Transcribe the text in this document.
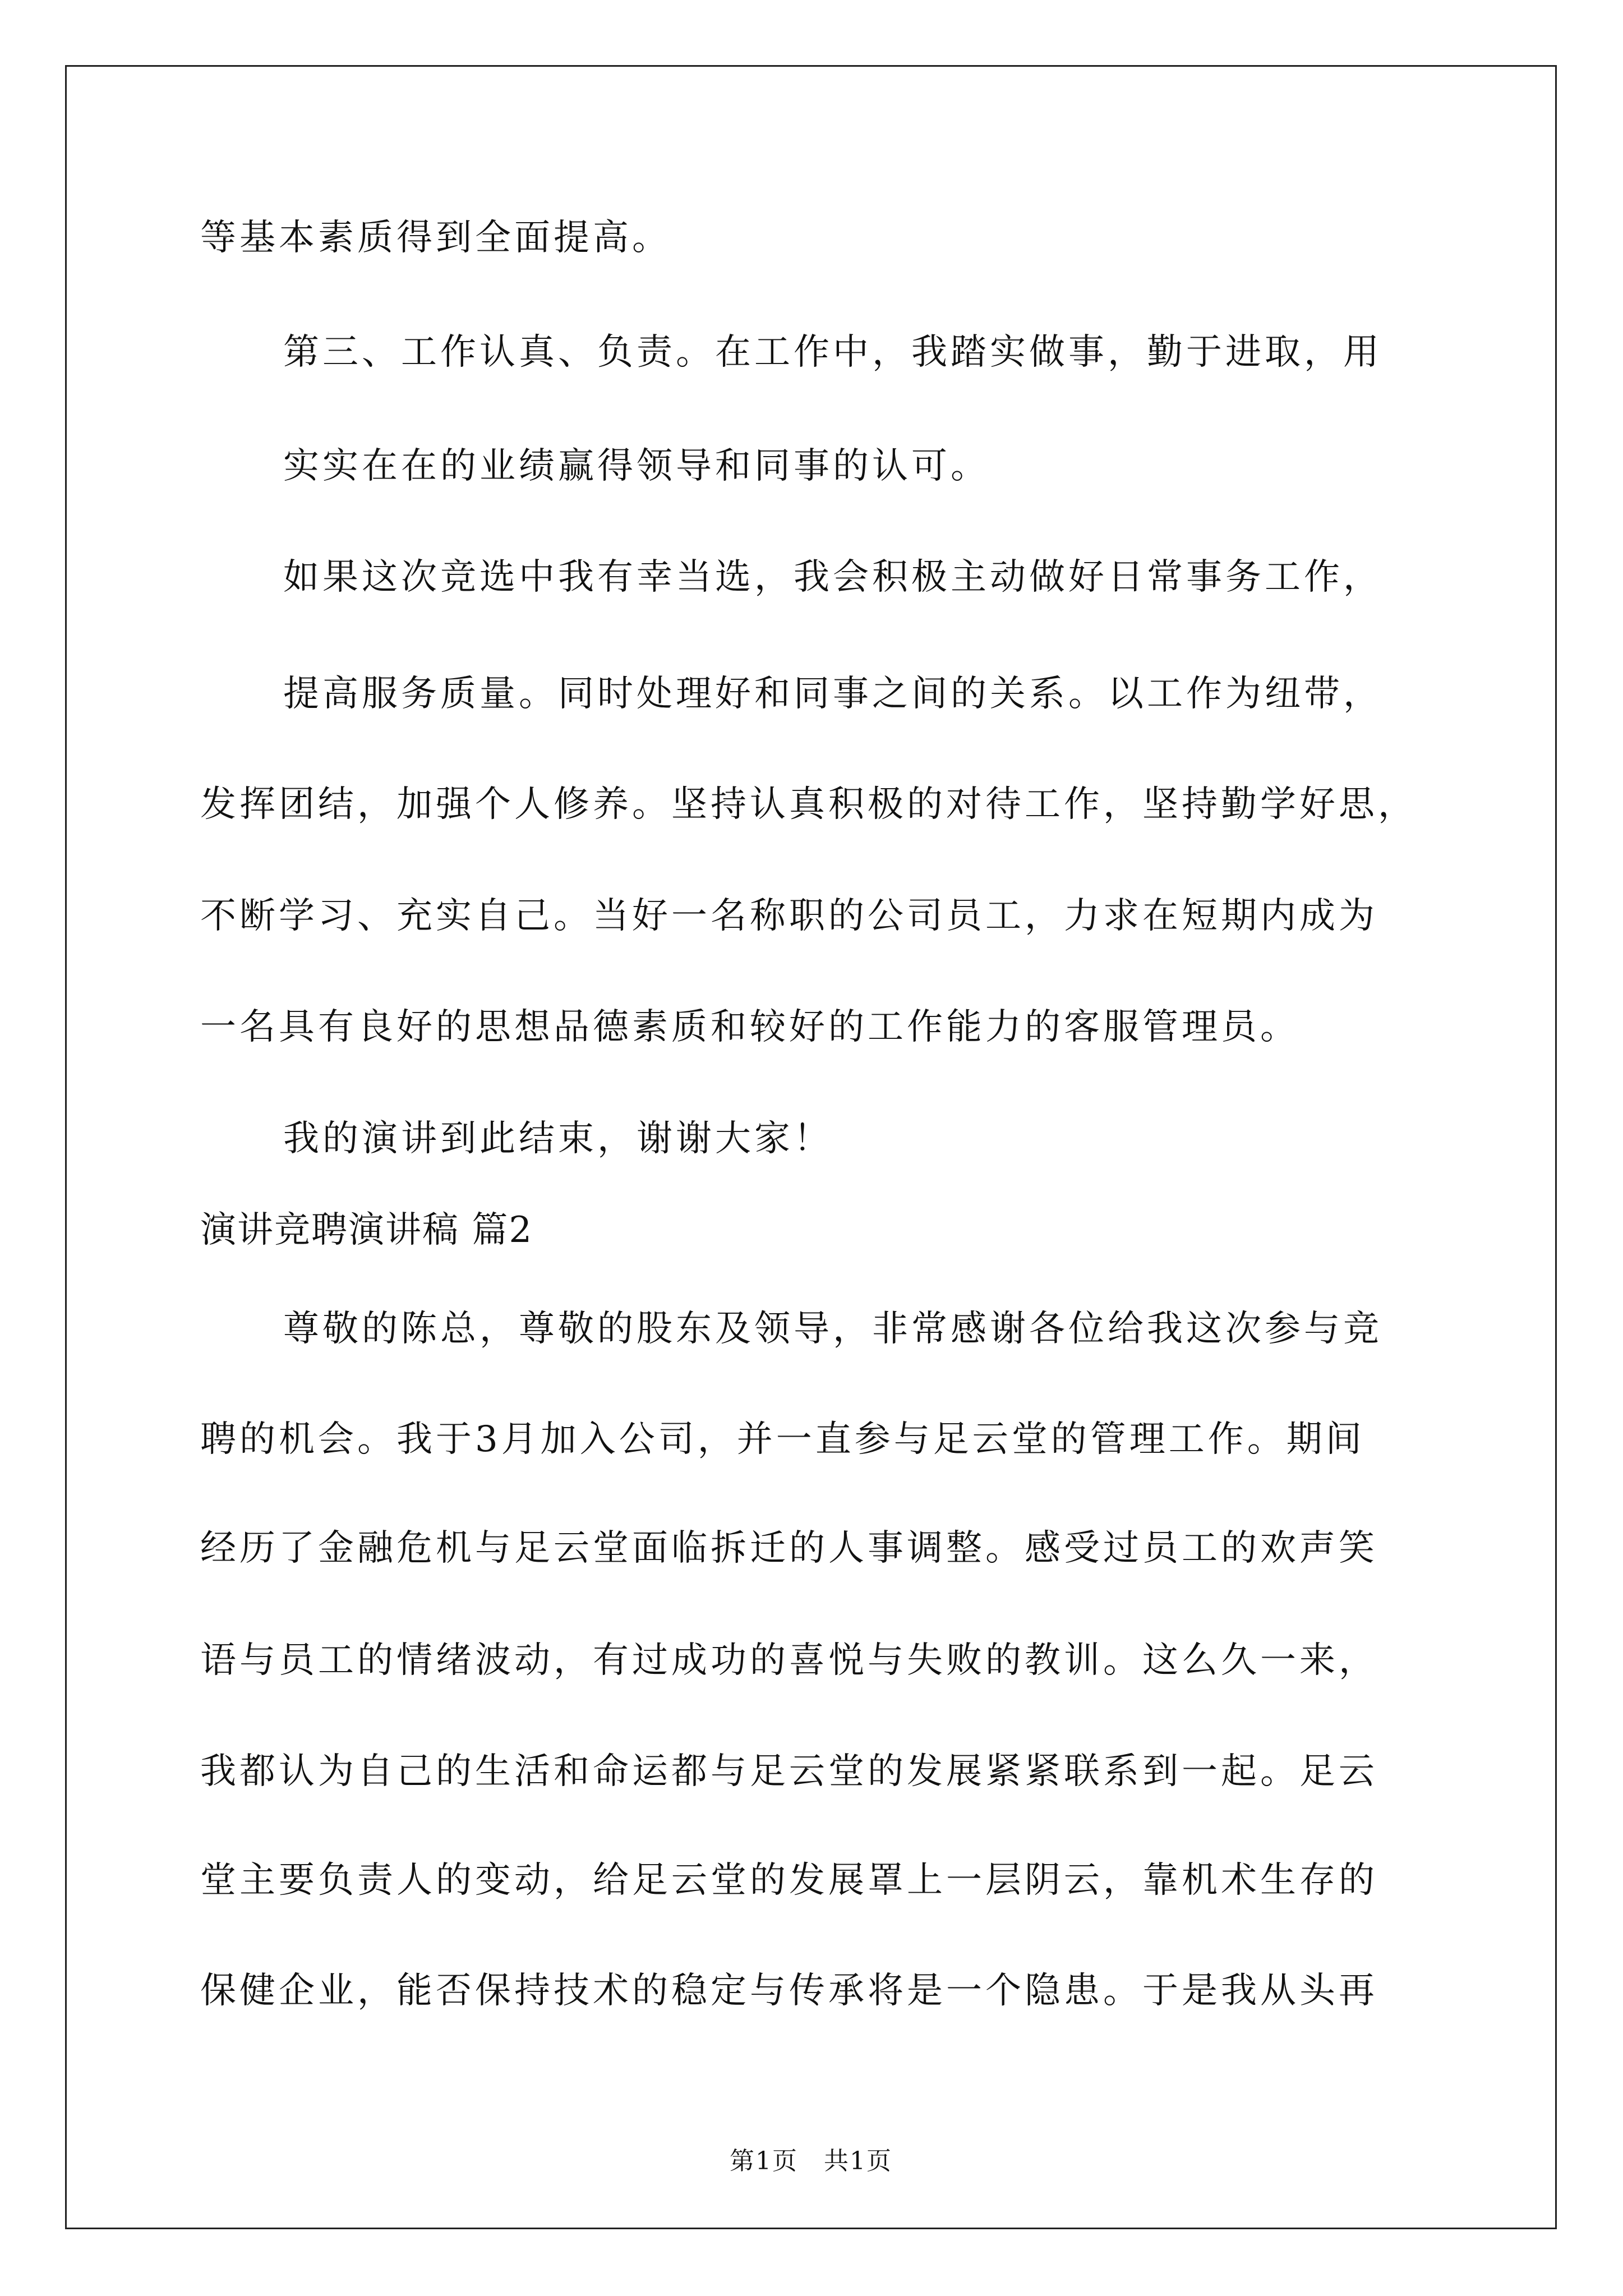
等基本素质得到全面提高。
第三、工作认真、负责。在工作中，我踏实做事，勤于进取，用
实实在在的业绩赢得领导和同事的认可。
如果这次竞选中我有幸当选，我会积极主动做好日常事务工作，
提高服务质量。同时处理好和同事之间的关系。以工作为纽带，
发挥团结，加强个人修养。坚持认真积极的对待工作，坚持勤学好思，
不断学习、充实自己。当好一名称职的公司员工，力求在短期内成为
一名具有良好的思想品德素质和较好的工作能力的客服管理员。
我的演讲到此结束，谢谢大家！
演讲竞聘演讲稿 篇2
尊敬的陈总，尊敬的股东及领导，非常感谢各位给我这次参与竞
聘的机会。我于3月加入公司，并一直参与足云堂的管理工作。期间
经历了金融危机与足云堂面临拆迁的人事调整。感受过员工的欢声笑
语与员工的情绪波动，有过成功的喜悦与失败的教训。这么久一来，
我都认为自己的生活和命运都与足云堂的发展紧紧联系到一起。足云
堂主要负责人的变动，给足云堂的发展罩上一层阴云，靠机术生存的
保健企业，能否保持技术的稳定与传承将是一个隐患。于是我从头再
第1页　共1页
